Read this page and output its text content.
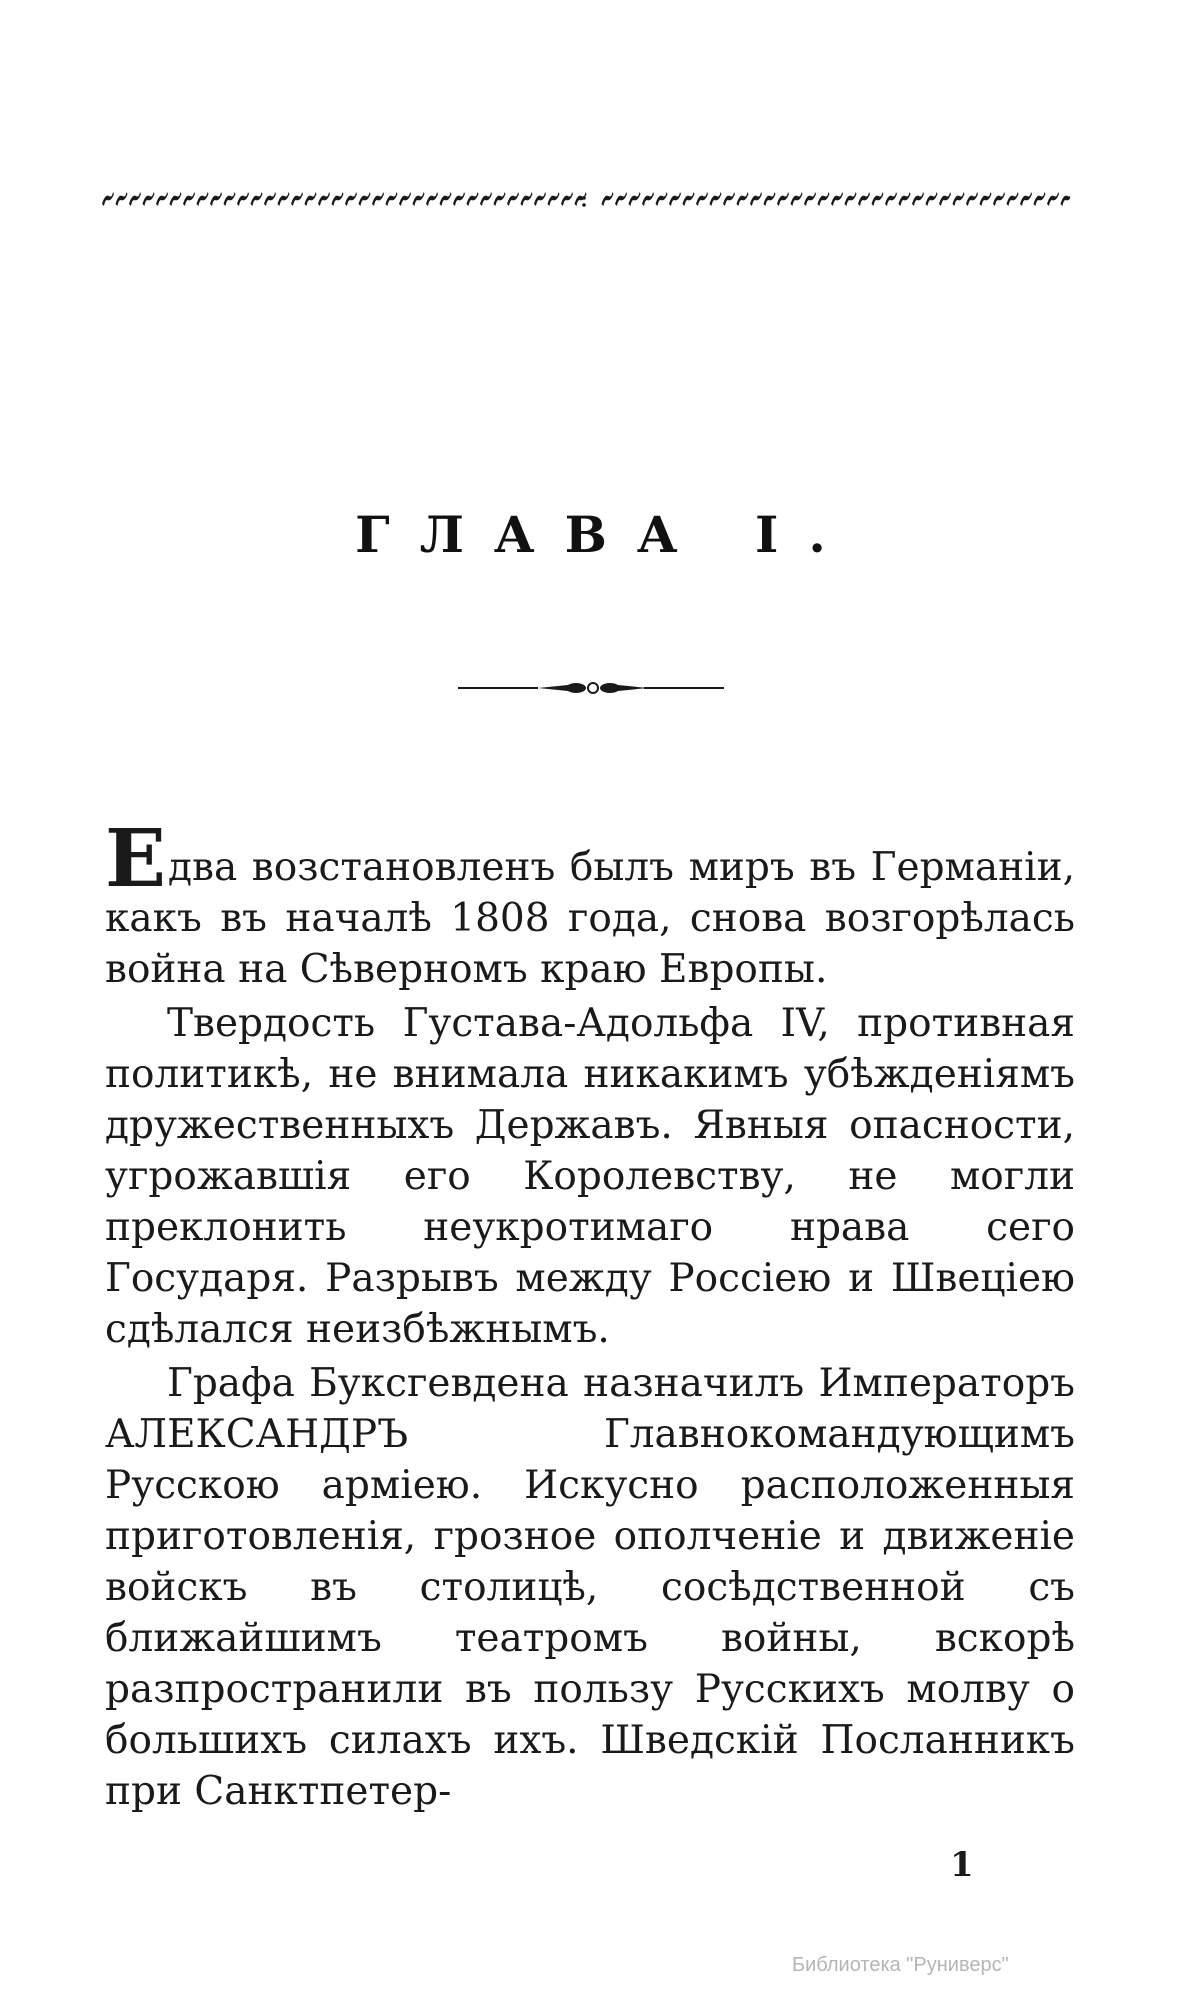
ГЛАВА I.

Едва возстановленъ былъ миръ въ Германіи, какъ въ началѣ 1808 года, снова возгорѣлась война на Сѣверномъ краю Европы.

Твердость Густава-Адольфа IV, противная политикѣ, не внимала никакимъ убѣжденіямъ дружественныхъ Державъ. Явныя опасности, угрожавшія его Королевству, не могли преклонить неукротимаго нрава сего Государя. Разрывъ между Россіею и Швеціею сдѣлался неизбѣжнымъ.

Графа Буксгевдена назначилъ Императоръ АЛЕКСАНДРЪ Главнокомандующимъ Русскою арміею. Искусно расположенныя приготовленія, грозное ополченіе и движеніе войскъ въ столицѣ, сосѣдственной съ ближайшимъ театромъ войны, вскорѣ разпространили въ пользу Русскихъ молву о большихъ силахъ ихъ. Шведскій Посланникъ при Санктпетер-

1
Библиотека "Руниверс"
